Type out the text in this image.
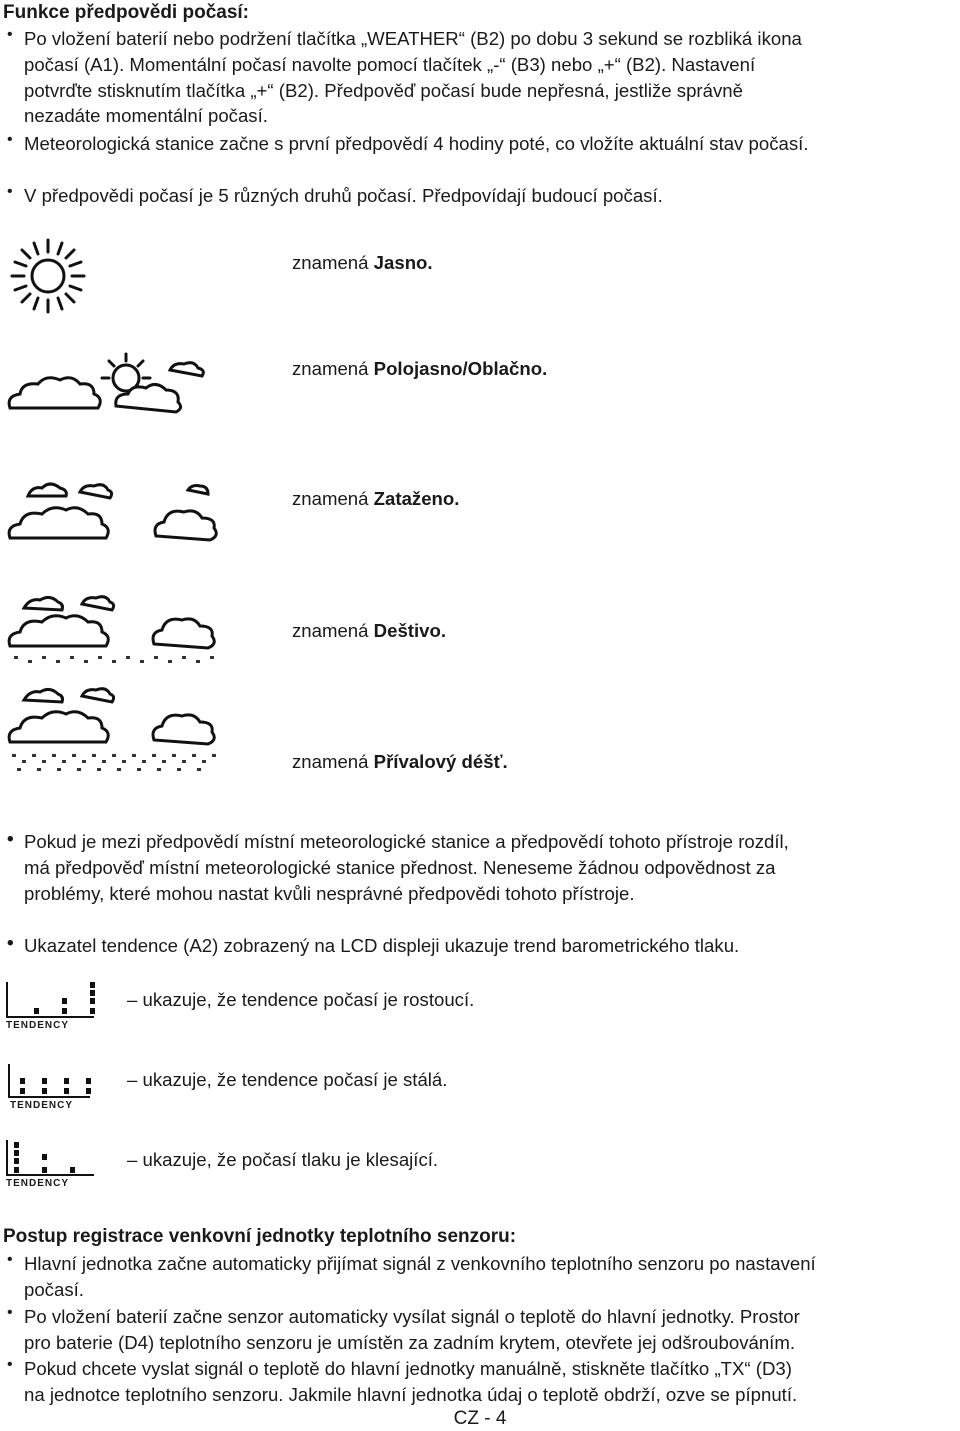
Funkce předpovědi počasí:
• Po vložení baterií nebo podržení tlačítka „WEATHER“ (B2) po dobu 3 sekund se rozbliká ikona
počasí (A1). Momentální počasí navolte pomocí tlačítek „-“ (B3) nebo „+“ (B2). Nastavení
potvrďte stisknutím tlačítka „+“ (B2). Předpověď počasí bude nepřesná, jestliže správně
nezadáte momentální počasí.
• Meteorologická stanice začne s první předpovědí 4 hodiny poté, co vložíte aktuální stav počasí.
• V předpovědi počasí je 5 různých druhů počasí. Předpovídají budoucí počasí.
znamená Jasno.
znamená Polojasno/Oblačno.
znamená Zataženo.
znamená Deštivo.
znamená Přívalový déšť.
• Pokud je mezi předpovědí místní meteorologické stanice a předpovědí tohoto přístroje rozdíl,
má předpověď místní meteorologické stanice přednost. Neneseme žádnou odpovědnost za
problémy, které mohou nastat kvůli nesprávné předpovědi tohoto přístroje.
• Ukazatel tendence (A2) zobrazený na LCD displeji ukazuje trend barometrického tlaku.
TENDENCY
– ukazuje, že tendence počasí je rostoucí.
TENDENCY
– ukazuje, že tendence počasí je stálá.
TENDENCY
– ukazuje, že počasí tlaku je klesající.
Postup registrace venkovní jednotky teplotního senzoru:
• Hlavní jednotka začne automaticky přijímat signál z venkovního teplotního senzoru po nastavení
počasí.
• Po vložení baterií začne senzor automaticky vysílat signál o teplotě do hlavní jednotky. Prostor
pro baterie (D4) teplotního senzoru je umístěn za zadním krytem, otevřete jej odšroubováním.
• Pokud chcete vyslat signál o teplotě do hlavní jednotky manuálně, stiskněte tlačítko „TX“ (D3)
na jednotce teplotního senzoru. Jakmile hlavní jednotka údaj o teplotě obdrží, ozve se pípnutí.
CZ - 4
